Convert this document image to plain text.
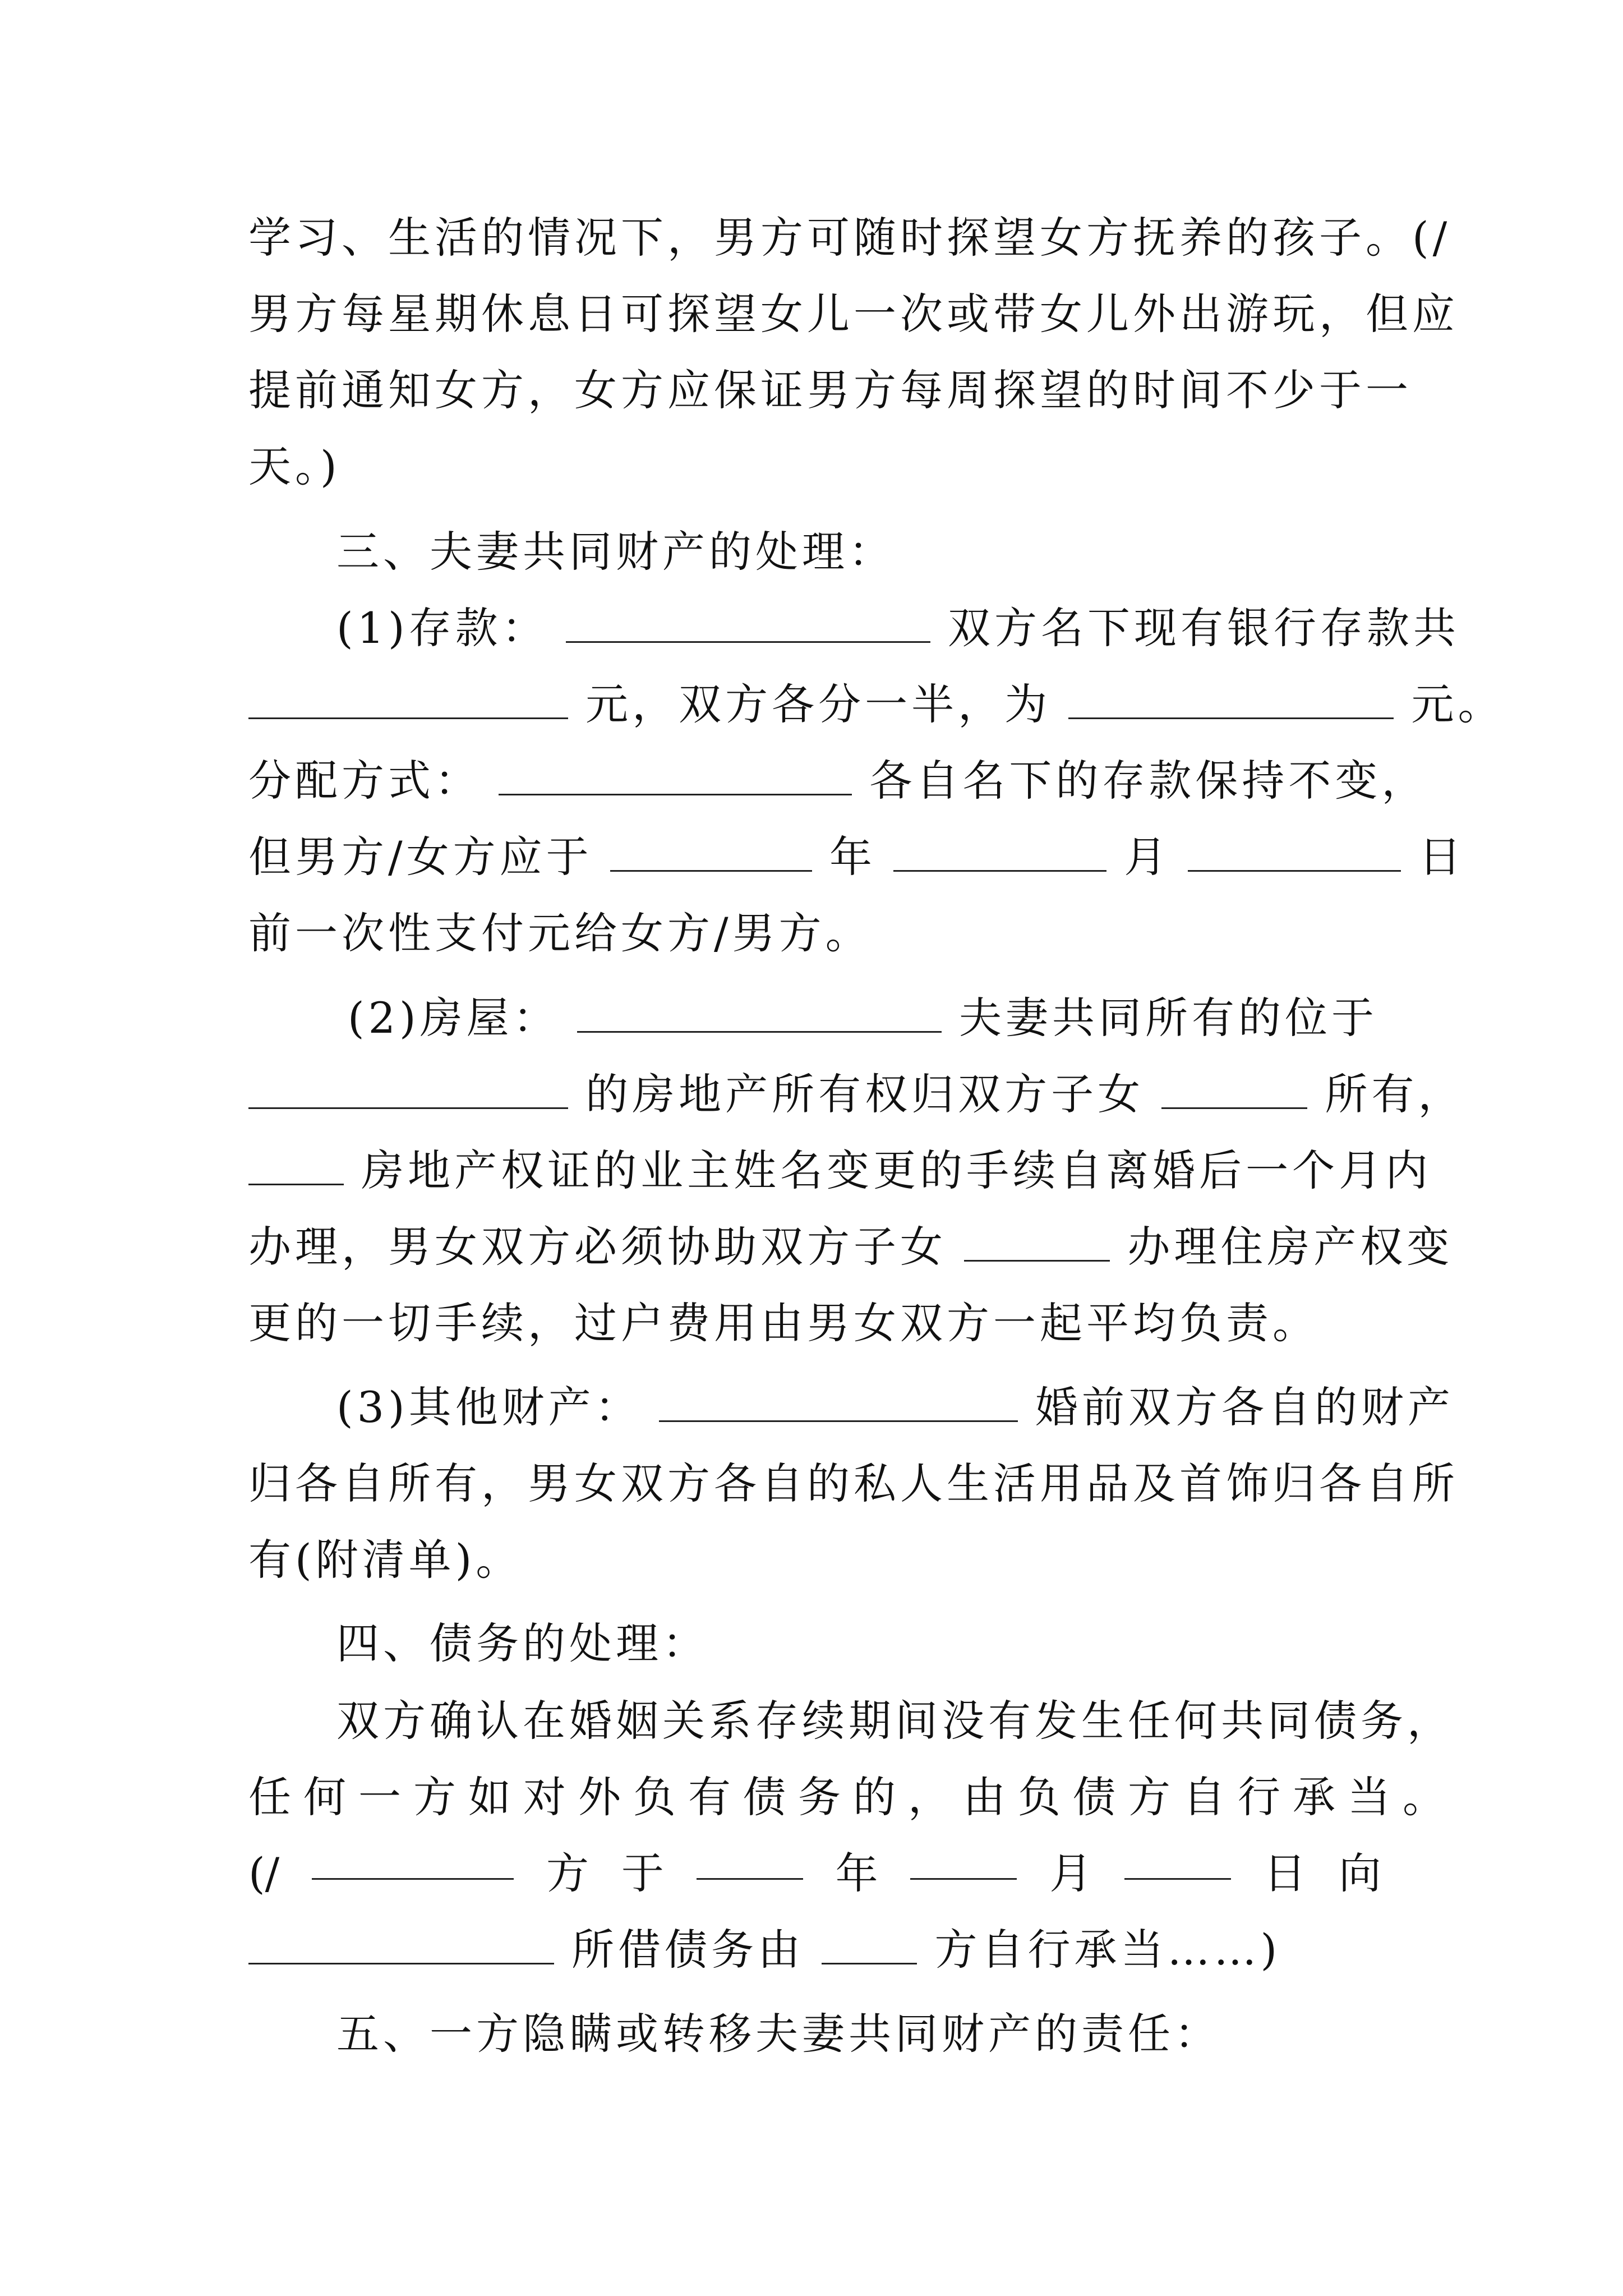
学习、生活的情况下，男方可随时探望女方抚养的孩子。(/
男方每星期休息日可探望女儿一次或带女儿外出游玩，但应
提前通知女方，女方应保证男方每周探望的时间不少于一
天。)
三、夫妻共同财产的处理：
(1)存款：	双方名下现有银行存款共
元，双方各分一半，为	元。
分配方式：	各自名下的存款保持不变，
但男方/女方应于	年	月	日
前一次性支付元给女方/男方。
(2)房屋：	夫妻共同所有的位于
的房地产所有权归双方子女	所有，
房地产权证的业主姓名变更的手续自离婚后一个月内
办理，男女双方必须协助双方子女	办理住房产权变
更的一切手续，过户费用由男女双方一起平均负责。
(3)其他财产：	婚前双方各自的财产
归各自所有，男女双方各自的私人生活用品及首饰归各自所
有(附清单)。
四、债务的处理：
双方确认在婚姻关系存续期间没有发生任何共同债务，
任何一方如对外负有债务的，由负债方自行承当。
(/	方 于	年	月	日 向
所借债务由	方自行承当……)
五、一方隐瞒或转移夫妻共同财产的责任：
